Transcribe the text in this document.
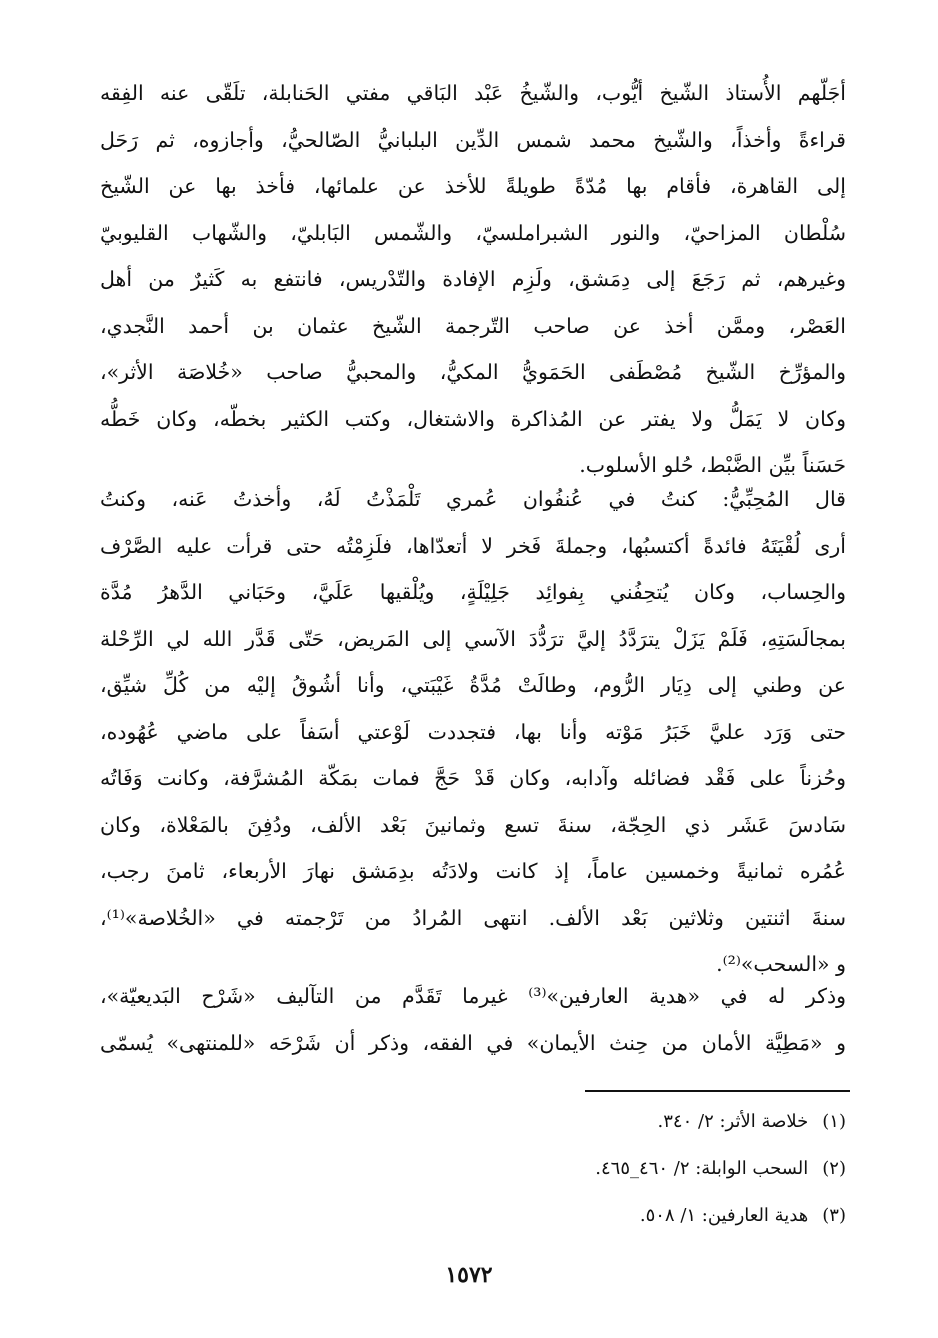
أجَلّهم الأُستاذ الشّيخ أيُّوب، والشّيخُ عَبْد البَاقي مفتي الحَنابلة، تلَقّى عنه الفِقه
قراءةً وأخذاً، والشّيخ محمد شمس الدِّين البلبانيُّ الصّالحيُّ، وأجازوه، ثم رَحَل
إلى القاهرة، فأقام بها مُدّةً طويلةً للأخذ عن علمائها، فأخذ بها عن الشّيخ
سُلْطان المزاحيّ، والنور الشبراملسيّ، والشّمس البَابليّ، والشّهاب القليوبيّ
وغيرهم، ثم رَجَعَ إلى دِمَشق، ولَزِم الإفادة والتّدْريس، فانتفع به كَثيرٌ من أهل
العَصْر، وممَّن أخذ عن صاحب التّرجمة الشّيخ عثمان بن أحمد النَّجدي،
والمؤرِّخ الشّيخ مُصْطَفى الحَمَويُّ المكيُّ، والمحبيُّ صاحب «خُلاصَة الأثر»،
وكان لا يَمَلُّ ولا يفتر عن المُذاكرة والاشتغال، وكتب الكثير بخطّه، وكان خَطُّه
حَسَناً بيِّن الضَّبْط، حُلو الأسلوب.
قال المُحِبِّيُّ: كنتُ في عُنفُوان عُمري تَلْمَذْتُ لَهُ، وأخذتُ عَنه، وكنتُ
أرى لُقْيَتَهُ فائدةً أكتسبُها، وجملةَ فَخر لا أتعدّاها، فلَزِمْتُه حتى قرأت عليه الصَّرْف
والحِساب، وكان يُتحِفُني بِفوائِد جَلِيْلَةٍ، ويُلْقيها عَلَيَّ، وحَبَاني الدَّهرُ مُدَّة
بمجالَسَتِهِ، فَلَمْ يَزَلْ يترَدَّدُ إليَّ ترَدُّدَ الآسي إلى المَريض، حَتّى قَدَّر الله لي الرِّحْلة
عن وطني إلى دِيَار الرُّوم، وطالَتْ مُدَّةُ غَيْبَتي، وأنا أشُوقُ إليْه من كُلِّ شيِّق،
حتى وَرَد عليَّ خَبَرُ مَوْته وأنا بها، فتجددت لَوْعتي أسَفاً على ماضي عُهُوده،
وحُزناً على فَقْد فضائله وآدابه، وكان قَدْ حَجَّ فمات بمَكّة المُشرَّفة، وكانت وَفَاتُه
سَادسَ عَشَر ذي الحِجّة، سنةَ تسع وثمانينَ بَعْد الألف، ودُفِنَ بالمَعْلاة، وكان
عُمُره ثمانيةً وخمسين عاماً، إذ كانت ولادَتُه بدِمَشق نهارَ الأربعاء، ثامنَ رجب،
سنةَ اثنتين وثلاثين بَعْد الألف. انتهى المُرادُ من تَرْجمته في «الخُلاصة»⁽¹⁾،
و «السحب»⁽²⁾.
وذكر له في «هدية العارفين»⁽³⁾ غيرما تَقَدَّم من التآليف «شَرْح البَديعيّة»،
و «مَطِيَّة الأمان من حِنث الأيمان» في الفقه، وذكر أن شَرْحَه «للمنتهى» يُسمّى
(١)خلاصة الأثر: ٢/ ٣٤٠.
(٢)السحب الوابلة: ٢/ ٤٦٠_٤٦٥.
(٣)هدية العارفين: ١/ ٥٠٨.
١٥٧٢
